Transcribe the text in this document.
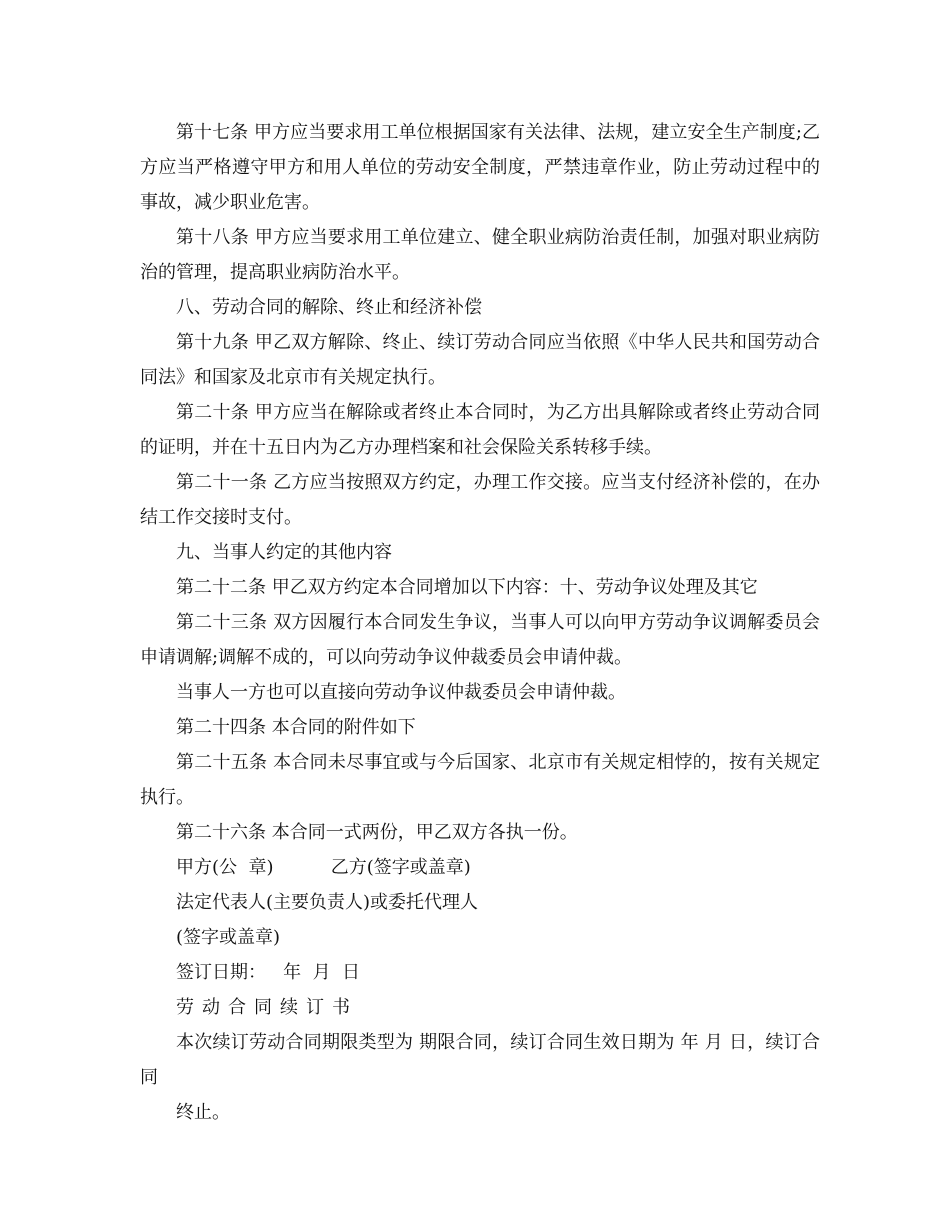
第十七条 甲方应当要求用工单位根据国家有关法律、法规，建立安全生产制度;乙方应当严格遵守甲方和用人单位的劳动安全制度，严禁违章作业，防止劳动过程中的事故，减少职业危害。

第十八条 甲方应当要求用工单位建立、健全职业病防治责任制，加强对职业病防治的管理，提高职业病防治水平。

八、劳动合同的解除、终止和经济补偿

第十九条 甲乙双方解除、终止、续订劳动合同应当依照《中华人民共和国劳动合同法》和国家及北京市有关规定执行。

第二十条 甲方应当在解除或者终止本合同时，为乙方出具解除或者终止劳动合同的证明，并在十五日内为乙方办理档案和社会保险关系转移手续。

第二十一条 乙方应当按照双方约定，办理工作交接。应当支付经济补偿的，在办结工作交接时支付。

九、当事人约定的其他内容

第二十二条 甲乙双方约定本合同增加以下内容：十、劳动争议处理及其它

第二十三条 双方因履行本合同发生争议，当事人可以向甲方劳动争议调解委员会申请调解;调解不成的，可以向劳动争议仲裁委员会申请仲裁。

当事人一方也可以直接向劳动争议仲裁委员会申请仲裁。

第二十四条 本合同的附件如下

第二十五条 本合同未尽事宜或与今后国家、北京市有关规定相悖的，按有关规定执行。

第二十六条 本合同一式两份，甲乙双方各执一份。

甲方(公  章)	乙方(签字或盖章)

法定代表人(主要负责人)或委托代理人

(签字或盖章)

签订日期：   年  月  日

劳动合同续订书

本次续订劳动合同期限类型为 期限合同，续订合同生效日期为 年 月 日，续订合同

终止。
